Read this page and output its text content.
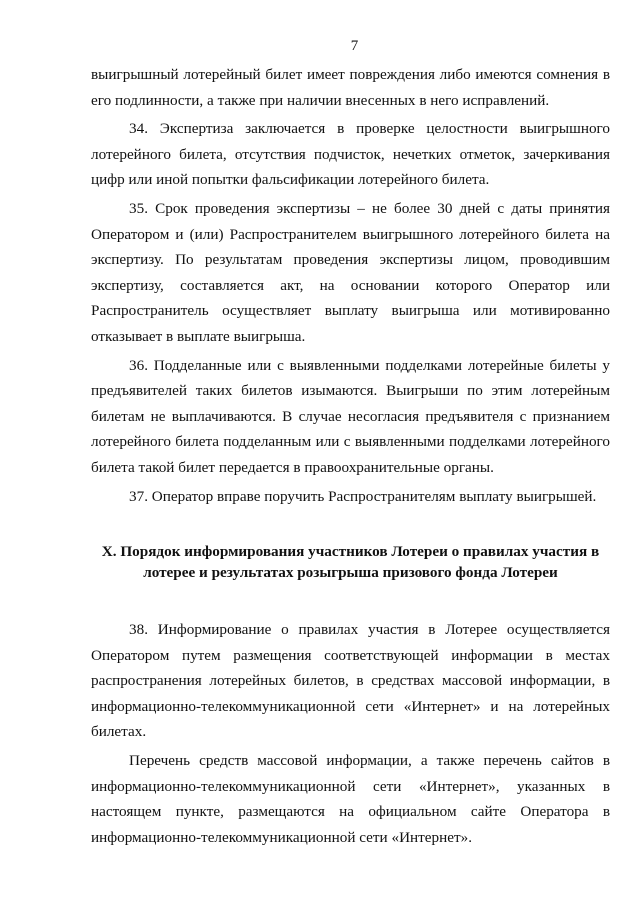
7

выигрышный лотерейный билет имеет повреждения либо имеются сомнения в его подлинности, а также при наличии внесенных в него исправлений.

34. Экспертиза заключается в проверке целостности выигрышного лотерейного билета, отсутствия подчисток, нечетких отметок, зачеркивания цифр или иной попытки фальсификации лотерейного билета.

35. Срок проведения экспертизы – не более 30 дней с даты принятия Оператором и (или) Распространителем выигрышного лотерейного билета на экспертизу. По результатам проведения экспертизы лицом, проводившим экспертизу, составляется акт, на основании которого Оператор или Распространитель осуществляет выплату выигрыша или мотивированно отказывает в выплате выигрыша.

36. Подделанные или с выявленными подделками лотерейные билеты у предъявителей таких билетов изымаются. Выигрыши по этим лотерейным билетам не выплачиваются. В случае несогласия предъявителя с признанием лотерейного билета подделанным или с выявленными подделками лотерейного билета такой билет передается в правоохранительные органы.

37. Оператор вправе поручить Распространителям выплату выигрышей.

X. Порядок информирования участников Лотереи о правилах участия в
лотерее и результатах розыгрыша призового фонда Лотереи

38. Информирование о правилах участия в Лотерее осуществляется Оператором путем размещения соответствующей информации в местах распространения лотерейных билетов, в средствах массовой информации, в информационно-телекоммуникационной сети «Интернет» и на лотерейных билетах.

Перечень средств массовой информации, а также перечень сайтов в информационно-телекоммуникационной сети «Интернет», указанных в настоящем пункте, размещаются на официальном сайте Оператора в информационно-телекоммуникационной сети «Интернет».
